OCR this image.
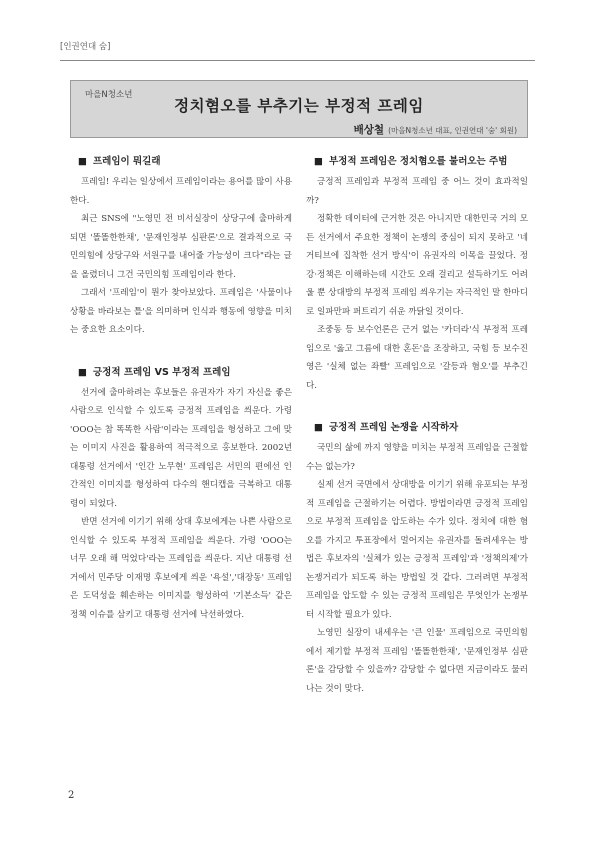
[인권연대 숨]
마을N청소년
정치혐오를 부추기는 부정적 프레임
배상철 (마을N청소년 대표, 인권연대 '숨' 회원)
■ 프레임이 뭐길래

프레임! 우리는 일상에서 프레임이라는 용어를 많이 사용한다.

최근 SNS에 "노영민 전 비서실장이 상당구에 출마하게 되면 '똘똘한한채', '문재인정부 심판론'으로 결과적으로 국민의힘에 상당구와 서원구를 내어줄 가능성이 크다"라는 글을 올렸더니 그건 국민의힘 프레임이라 한다.

그래서 '프레임'이 뭔가 찾아보았다. 프레임은 '사물이나 상황을 바라보는 틀'을 의미하며 인식과 행동에 영향을 미치는 중요한 요소이다.

■ 긍정적 프레임 VS 부정적 프레임

선거에 출마하려는 후보들은 유권자가 자기 자신을 좋은 사람으로 인식할 수 있도록 긍정적 프레임을 씌운다. 가령 'OOO는 참 똑똑한 사람'이라는 프레임을 형성하고 그에 맞는 이미지 사진을 활용하여 적극적으로 홍보한다. 2002년 대통령 선거에서 '인간 노무현' 프레임은 서민의 편에선 인간적인 이미지를 형성하여 다수의 핸디캡을 극복하고 대통령이 되었다.

반면 선거에 이기기 위해 상대 후보에게는 나쁜 사람으로 인식할 수 있도록 부정적 프레임을 씌운다. 가령 'OOO는 너무 오래 해 먹었다'라는 프레임을 씌운다. 지난 대통령 선거에서 민주당 이재명 후보에게 씌운 '욕설','대장동' 프레임은 도덕성을 훼손하는 이미지를 형성하여 '기본소득' 같은 정책 이슈를 삼키고 대통령 선거에 낙선하였다.

■ 부정적 프레임은 정치혐오를 불러오는 주범

긍정적 프레임과 부정적 프레임 중 어느 것이 효과적일까?

정확한 데이터에 근거한 것은 아니지만 대한민국 거의 모든 선거에서 주요한 정책이 논쟁의 중심이 되지 못하고 '네거티브에 집착한 선거 방식'이 유권자의 이목을 끌었다. 정강·정책은 이해하는데 시간도 오래 걸리고 설득하기도 어려울 뿐 상대방의 부정적 프레임 씌우기는 자극적인 말 한마디로 일파만파 퍼트리기 쉬운 까닭일 것이다.

조중동 등 보수언론은 근거 없는 '카더라'식 부정적 프레임으로 '옳고 그름에 대한 혼돈'을 조장하고, 국힘 등 보수진영은 '실체 없는 좌빨' 프레임으로 '갈등과 혐오'를 부추긴다.

■ 긍정적 프레임 논쟁을 시작하자

국민의 삶에 까지 영향을 미치는 부정적 프레임을 근절할 수는 없는가?

실제 선거 국면에서 상대방을 이기기 위해 유포되는 부정적 프레임을 근절하기는 어렵다. 방법이라면 긍정적 프레임으로 부정적 프레임을 압도하는 수가 있다. 정치에 대한 혐오를 가지고 투표장에서 멀어지는 유권자를 돌려세우는 방법은 후보자의 '실체가 있는 긍정적 프레임'과 '정책의제'가 논쟁거리가 되도록 하는 방법일 것 같다. 그러려면 부정적 프레임을 압도할 수 있는 긍정적 프레임은 무엇인가 논쟁부터 시작할 필요가 있다.

노영민 실장이 내세우는 '큰 인물' 프레임으로 국민의힘에서 제기할 부정적 프레임 '똘똘한한채', '문재인정부 심판론'을 감당할 수 있을까? 감당할 수 없다면 지금이라도 물러나는 것이 맞다.

2
